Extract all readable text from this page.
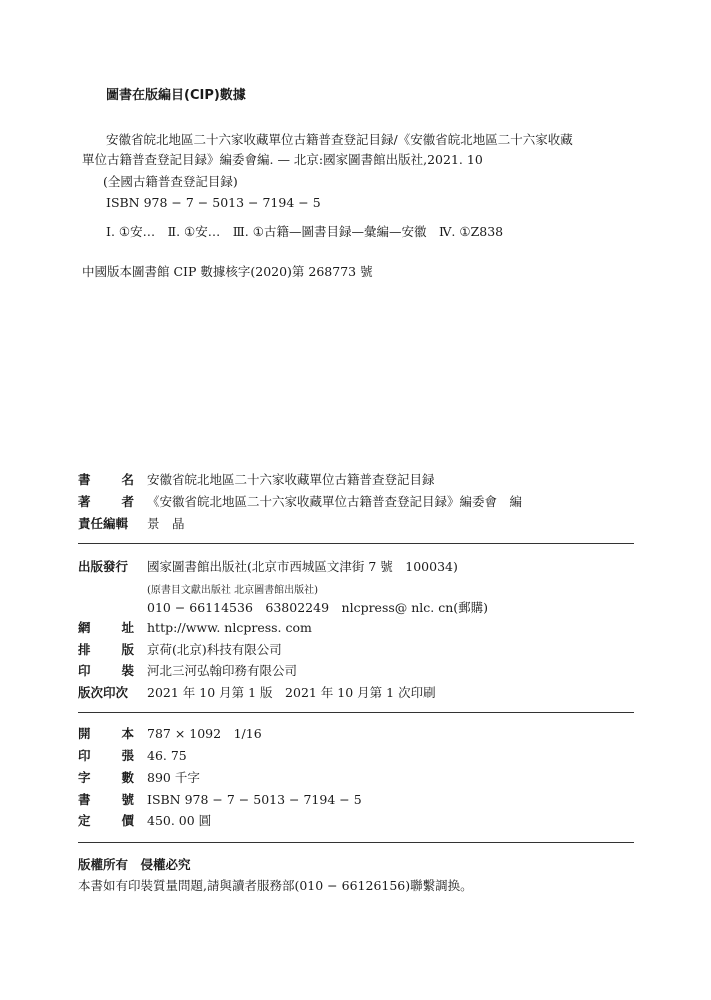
圖書在版編目(CIP)數據
安徽省皖北地區二十六家收藏單位古籍普查登記目録/《安徽省皖北地區二十六家收藏
單位古籍普查登記目録》編委會編. — 北京:國家圖書館出版社,2021. 10
(全國古籍普查登記目録)
ISBN 978 − 7 − 5013 − 7194 − 5
Ⅰ. ①安…　Ⅱ. ①安…　Ⅲ. ①古籍—圖書目録—彙編—安徽　Ⅳ. ①Z838
中國版本圖書館 CIP 數據核字(2020)第 268773 號
書 名 安徽省皖北地區二十六家收藏單位古籍普查登記目録
著 者 《安徽省皖北地區二十六家收藏單位古籍普查登記目録》編委會　編
責任編輯 景　晶
出版發行 國家圖書館出版社(北京市西城區文津街 7 號　100034)
(原書目文獻出版社 北京圖書館出版社)
010 − 66114536　63802249　nlcpress@ nlc. cn(郵購)
網 址 http://www. nlcpress. com
排 版 京荷(北京)科技有限公司
印 裝 河北三河弘翰印務有限公司
版次印次 2021 年 10 月第 1 版　2021 年 10 月第 1 次印刷
開 本 787 × 1092　1/16
印 張 46. 75
字 數 890 千字
書 號 ISBN 978 − 7 − 5013 − 7194 − 5
定 價 450. 00 圓
版權所有　侵權必究
本書如有印裝質量問題,請與讀者服務部(010 − 66126156)聯繫調换。
